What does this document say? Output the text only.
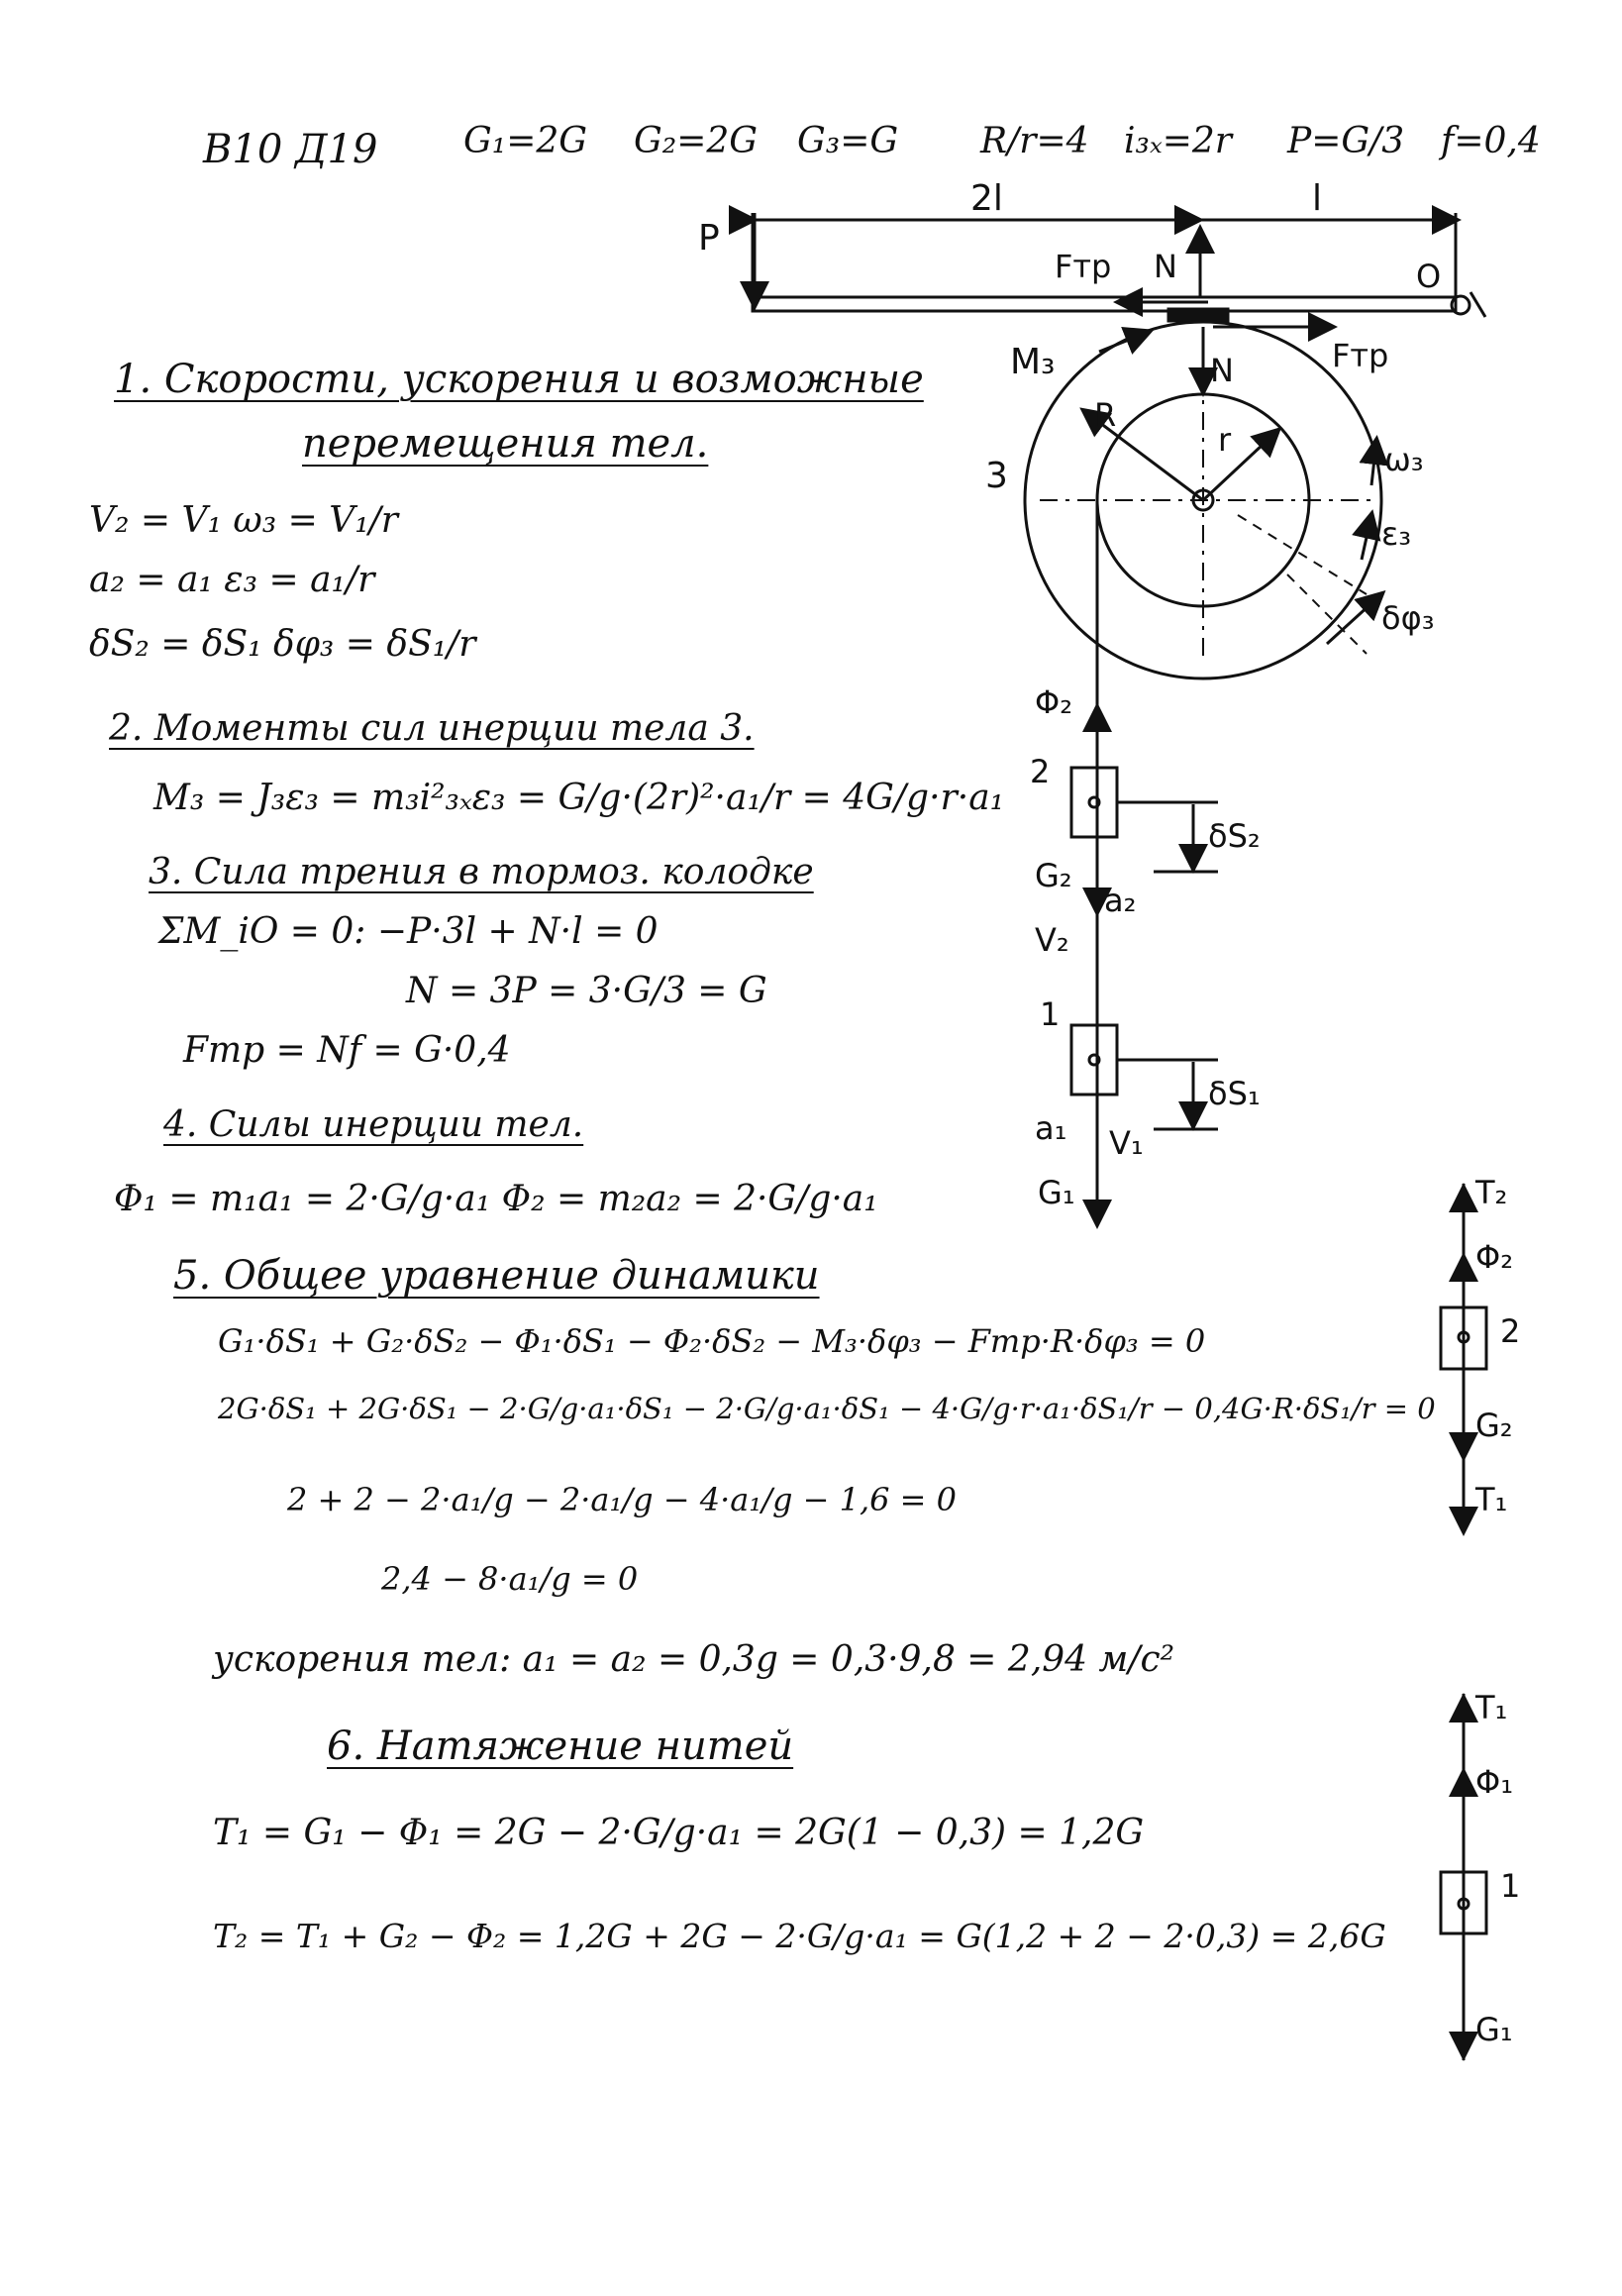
B10 Д19 G₁=2G G₂=2G G₃=G R/r=4 i₃ₓ=2r P=G/3 f=0,4
2l	l
P
N
Fтр	O
M₃	N	Fтр
R
r
3	ω₃
ε₃
δφ₃
Φ₂
2
δS₂
G₂
a₂
V₂
1
δS₁
a₁ V₁
G₁	T₂
Φ₂
2
G₂
T₁
T₁
Φ₁
1
G₁
1. Скорости, ускорения и возможные
перемещения тел.
V₂ = V₁ ω₃ = V₁/r
a₂ = a₁ ε₃ = a₁/r
δS₂ = δS₁ δφ₃ = δS₁/r
2. Моменты сил инерции тела 3.
M₃ = J₃ε₃ = m₃i²₃ₓε₃ = G/g·(2r)²·a₁/r = 4G/g·r·a₁
3. Сила трения в тормоз. колодке
ΣM_iO = 0: −P·3l + N·l = 0
N = 3P = 3·G/3 = G
Fтр = Nf = G·0,4
4. Силы инерции тел.
Φ₁ = m₁a₁ = 2·G/g·a₁ Φ₂ = m₂a₂ = 2·G/g·a₁
5. Общее уравнение динамики
G₁·δS₁ + G₂·δS₂ − Φ₁·δS₁ − Φ₂·δS₂ − M₃·δφ₃ − Fтр·R·δφ₃ = 0
2G·δS₁ + 2G·δS₁ − 2·G/g·a₁·δS₁ − 2·G/g·a₁·δS₁ − 4·G/g·r·a₁·δS₁/r − 0,4G·R·δS₁/r = 0
2 + 2 − 2·a₁/g − 2·a₁/g − 4·a₁/g − 1,6 = 0
2,4 − 8·a₁/g = 0
ускорения тел: a₁ = a₂ = 0,3g = 0,3·9,8 = 2,94 м/с²
6. Натяжение нитей
T₁ = G₁ − Φ₁ = 2G − 2·G/g·a₁ = 2G(1 − 0,3) = 1,2G
T₂ = T₁ + G₂ − Φ₂ = 1,2G + 2G − 2·G/g·a₁ = G(1,2 + 2 − 2·0,3) = 2,6G
